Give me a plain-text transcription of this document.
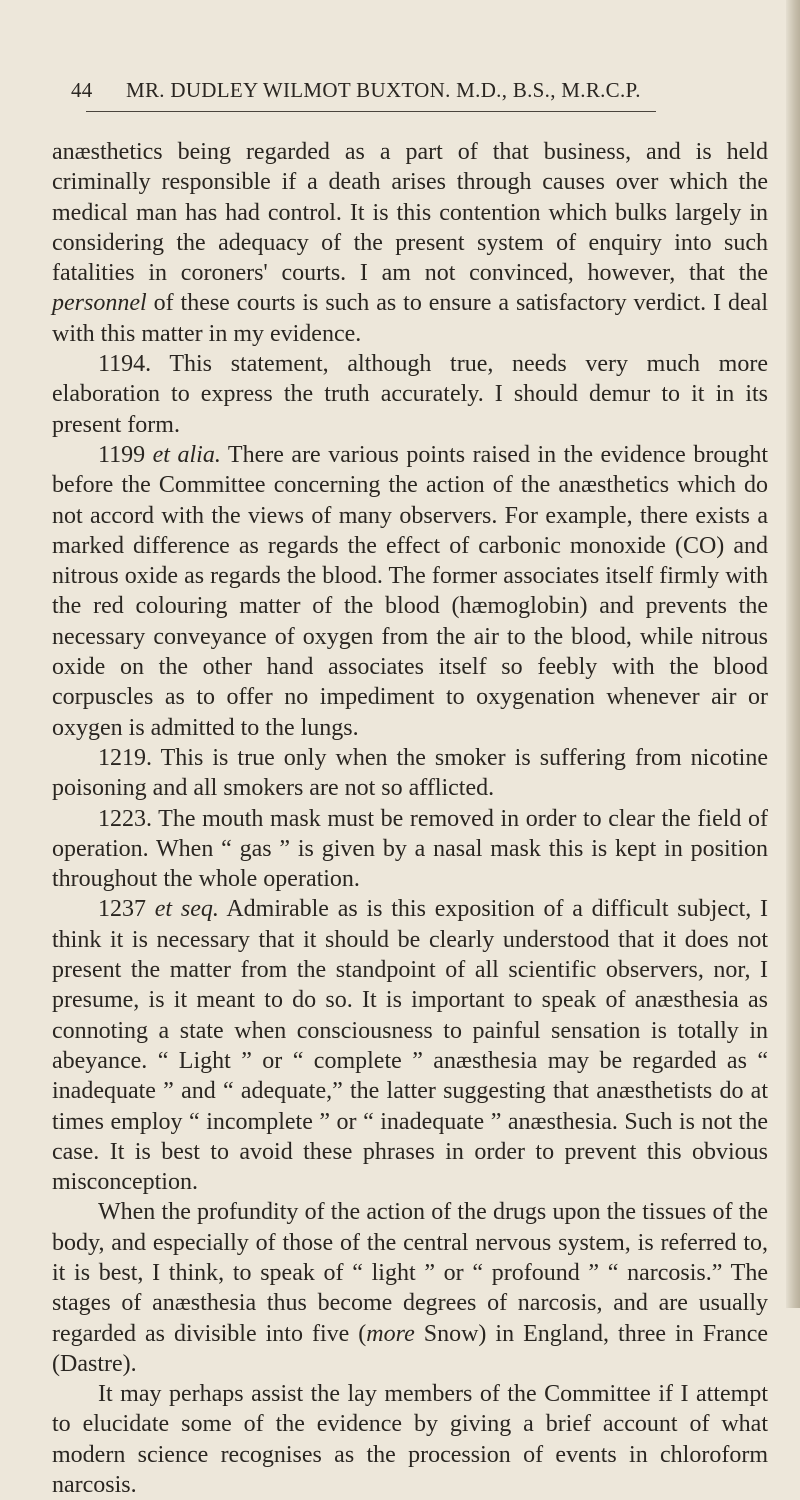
44 MR. DUDLEY WILMOT BUXTON. M.D., B.S., M.R.C.P.

anæsthetics being regarded as a part of that business, and is held criminally responsible if a death arises through causes over which the medical man has had control. It is this contention which bulks largely in considering the adequacy of the present system of enquiry into such fatalities in coroners' courts. I am not convinced, however, that the personnel of these courts is such as to ensure a satisfactory verdict. I deal with this matter in my evidence.

1194. This statement, although true, needs very much more elaboration to express the truth accurately. I should demur to it in its present form.

1199 et alia. There are various points raised in the evidence brought before the Committee concerning the action of the anæsthetics which do not accord with the views of many observers. For example, there exists a marked difference as regards the effect of carbonic monoxide (CO) and nitrous oxide as regards the blood. The former associates itself firmly with the red colouring matter of the blood (hæmoglobin) and prevents the necessary conveyance of oxygen from the air to the blood, while nitrous oxide on the other hand associates itself so feebly with the blood corpuscles as to offer no impediment to oxygenation whenever air or oxygen is admitted to the lungs.

1219. This is true only when the smoker is suffering from nicotine poisoning and all smokers are not so afflicted.

1223. The mouth mask must be removed in order to clear the field of operation. When “ gas ” is given by a nasal mask this is kept in position throughout the whole operation.

1237 et seq. Admirable as is this exposition of a difficult subject, I think it is necessary that it should be clearly understood that it does not present the matter from the standpoint of all scientific observers, nor, I presume, is it meant to do so. It is important to speak of anæsthesia as connoting a state when consciousness to painful sensation is totally in abeyance. “ Light ” or “ complete ” anæsthesia may be regarded as “ inadequate ” and “ adequate,” the latter suggesting that anæsthetists do at times employ “ incomplete ” or “ inadequate ” anæsthesia. Such is not the case. It is best to avoid these phrases in order to prevent this obvious misconception.

When the profundity of the action of the drugs upon the tissues of the body, and especially of those of the central nervous system, is referred to, it is best, I think, to speak of “ light ” or “ profound ” “ narcosis.” The stages of anæsthesia thus become degrees of narcosis, and are usually regarded as divisible into five (more Snow) in England, three in France (Dastre).

It may perhaps assist the lay members of the Committee if I attempt to elucidate some of the evidence by giving a brief account of what modern science recognises as the procession of events in chloroform narcosis.
